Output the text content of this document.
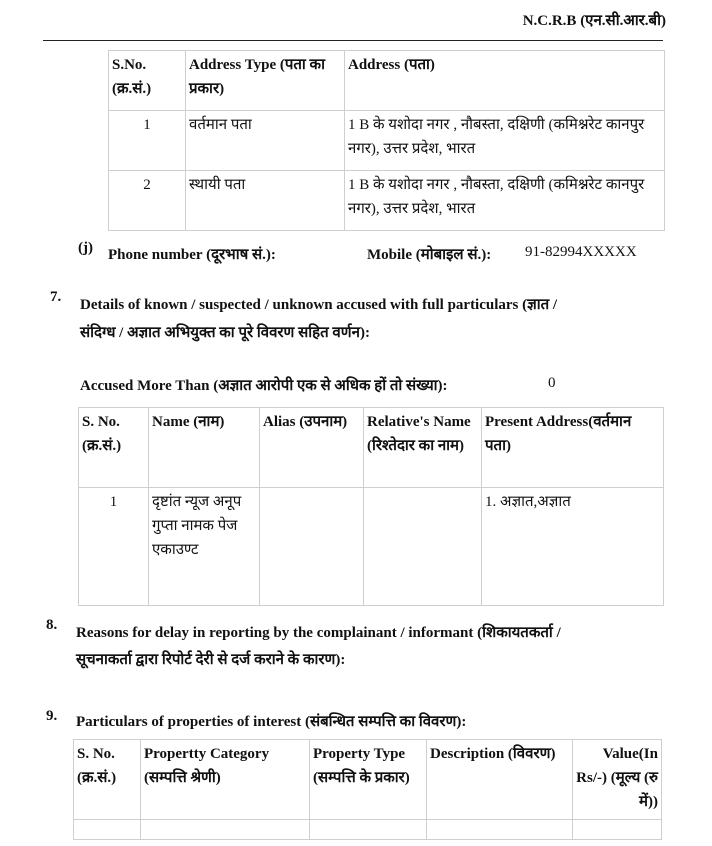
N.C.R.B (एन.सी.आर.बी)
S.No. (क्र.सं.)	Address Type (पता का प्रकार)	Address (पता)
1	वर्तमान पता	1 B के यशोदा नगर , नौबस्ता, दक्षिणी (कमिश्नरेट कानपुर नगर), उत्तर प्रदेश, भारत
2	स्थायी पता	1 B के यशोदा नगर , नौबस्ता, दक्षिणी (कमिश्नरेट कानपुर नगर), उत्तर प्रदेश, भारत
(j) Phone number (दूरभाष सं.):	Mobile (मोबाइल सं.): 91-82994XXXXX
7. Details of known / suspected / unknown accused with full particulars (ज्ञात /
संदिग्ध / अज्ञात अभियुक्त का पूरे विवरण सहित वर्णन):
Accused More Than (अज्ञात आरोपी एक से अधिक हों तो संख्या):	0
S. No. (क्र.सं.)	Name (नाम)	Alias (उपनाम)	Relative's Name (रिश्तेदार का नाम)	Present Address(वर्तमान पता)
1	दृष्टांत न्यूज अनूप गुप्ता नामक पेज एकाउण्ट			1. अज्ञात,अज्ञात
8. Reasons for delay in reporting by the complainant / informant (शिकायतकर्ता /
सूचनाकर्ता द्वारा रिपोर्ट देरी से दर्ज कराने के कारण):
9. Particulars of properties of interest (संबन्धित सम्पत्ति का विवरण):
S. No. (क्र.सं.)	Propertty Category (सम्पत्ति श्रेणी)	Property Type (सम्पत्ति के प्रकार)	Description (विवरण)	Value(In Rs/-) (मूल्य (रु में))
